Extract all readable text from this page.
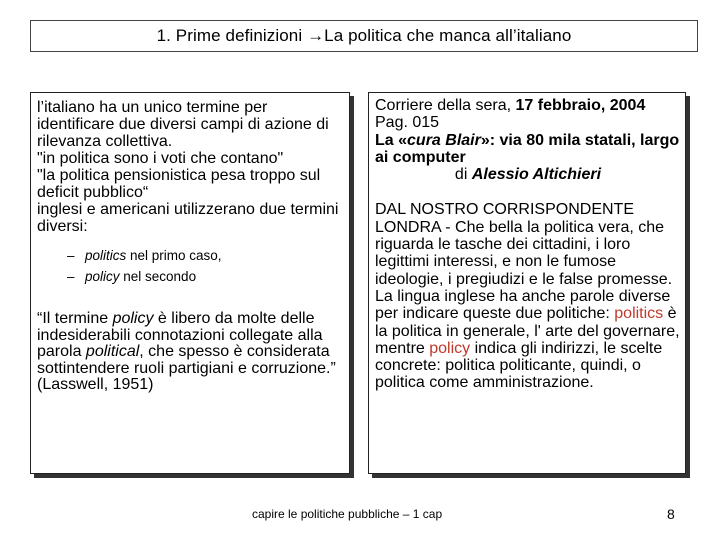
1. Prime definizioni →La politica che manca all’italiano

l’italiano ha un unico termine per identificare due diversi campi di azione di rilevanza collettiva.

"in politica sono i voti che contano"

"la politica pensionistica pesa troppo sul deficit pubblico“

inglesi e americani utilizzerano due termini diversi:

– politics nel primo caso,
– policy nel secondo

“Il termine policy è libero da molte delle indesiderabili connotazioni collegate alla parola political, che spesso è considerata sottintendere ruoli partigiani e corruzione.” (Lasswell, 1951)

Corriere della sera, 17 febbraio, 2004

Pag. 015

La «cura Blair»: via 80 mila statali, largo ai computer

di Alessio Altichieri

DAL NOSTRO CORRISPONDENTE LONDRA - Che bella la politica vera, che riguarda le tasche dei cittadini, i loro legittimi interessi, e non le fumose ideologie, i pregiudizi e le false promesse. La lingua inglese ha anche parole diverse per indicare queste due politiche: politics è la politica in generale, l' arte del governare, mentre policy indica gli indirizzi, le scelte concrete: politica politicante, quindi, o politica come amministrazione.

capire le politiche pubbliche – 1 cap	8
